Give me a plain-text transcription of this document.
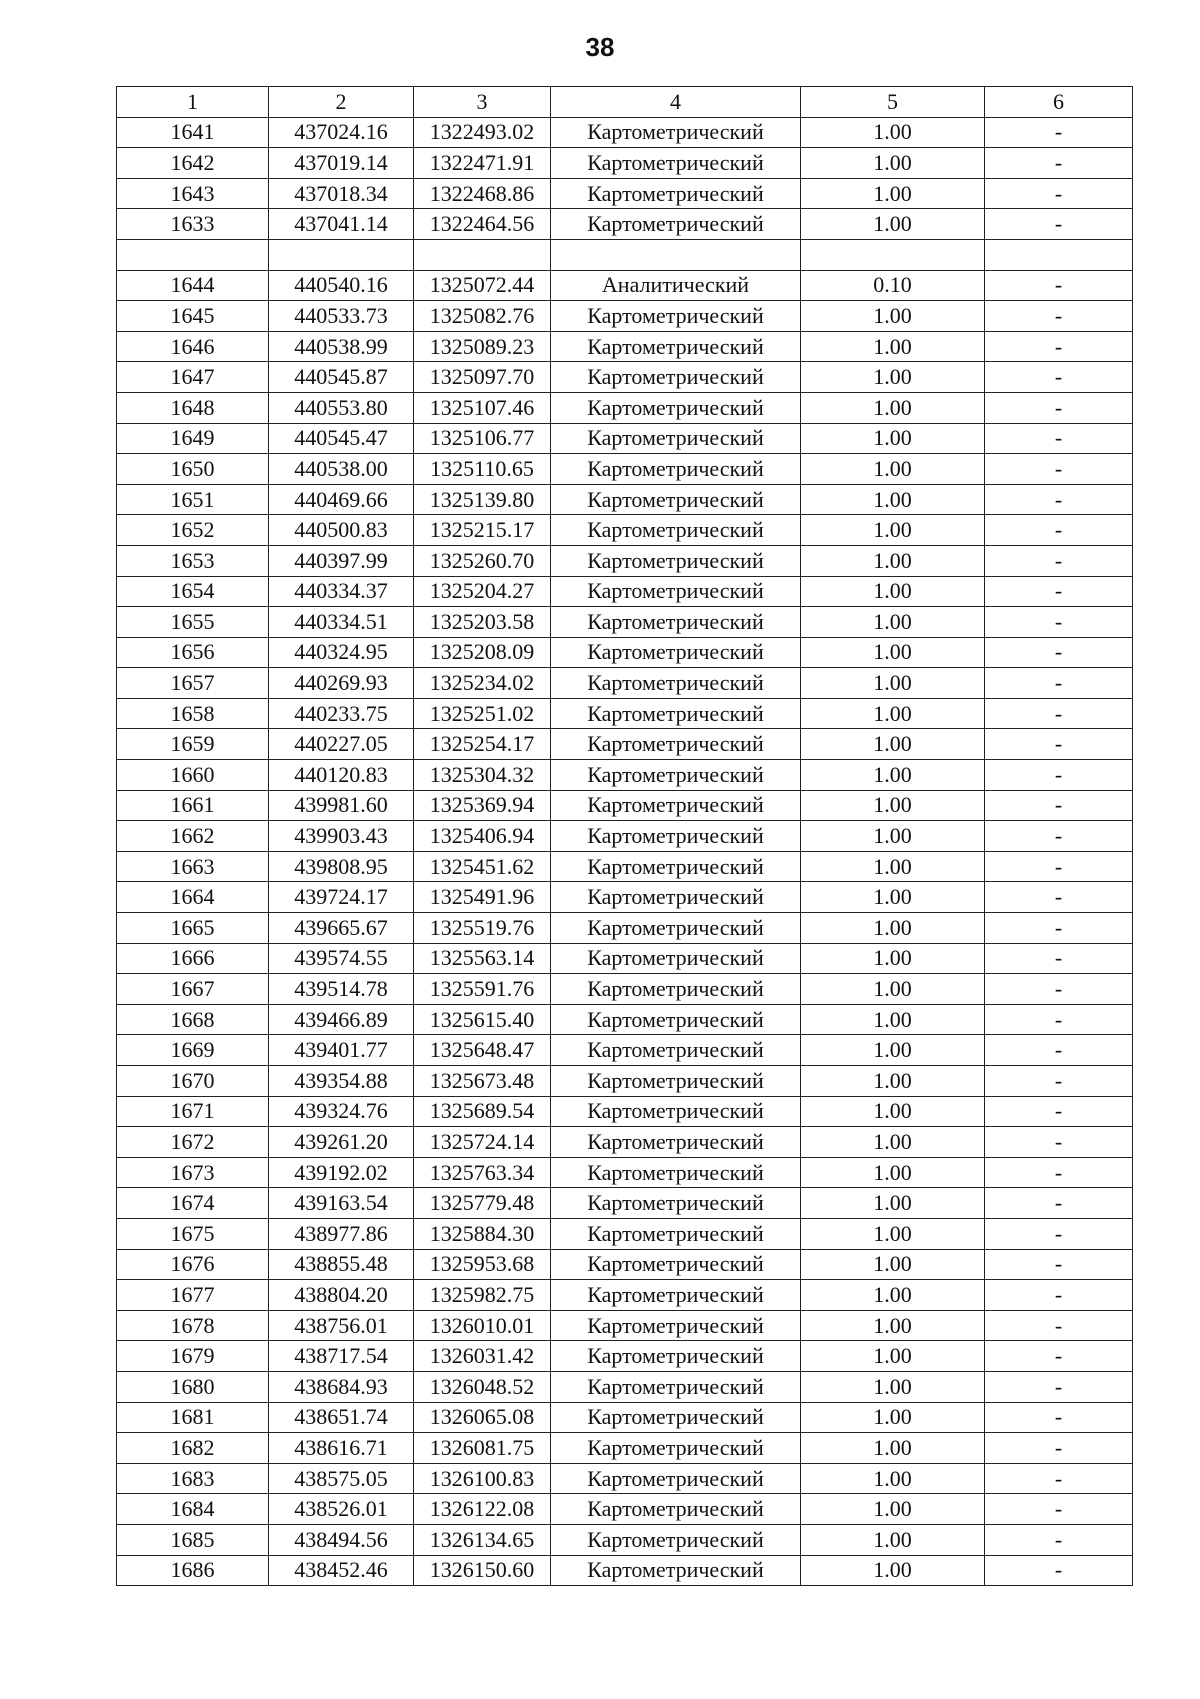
38
1	2	3	4	5	6
1641	437024.16	1322493.02	Картометрический	1.00	-
1642	437019.14	1322471.91	Картометрический	1.00	-
1643	437018.34	1322468.86	Картометрический	1.00	-
1633	437041.14	1322464.56	Картометрический	1.00	-

1644	440540.16	1325072.44	Аналитический	0.10	-
1645	440533.73	1325082.76	Картометрический	1.00	-
1646	440538.99	1325089.23	Картометрический	1.00	-
1647	440545.87	1325097.70	Картометрический	1.00	-
1648	440553.80	1325107.46	Картометрический	1.00	-
1649	440545.47	1325106.77	Картометрический	1.00	-
1650	440538.00	1325110.65	Картометрический	1.00	-
1651	440469.66	1325139.80	Картометрический	1.00	-
1652	440500.83	1325215.17	Картометрический	1.00	-
1653	440397.99	1325260.70	Картометрический	1.00	-
1654	440334.37	1325204.27	Картометрический	1.00	-
1655	440334.51	1325203.58	Картометрический	1.00	-
1656	440324.95	1325208.09	Картометрический	1.00	-
1657	440269.93	1325234.02	Картометрический	1.00	-
1658	440233.75	1325251.02	Картометрический	1.00	-
1659	440227.05	1325254.17	Картометрический	1.00	-
1660	440120.83	1325304.32	Картометрический	1.00	-
1661	439981.60	1325369.94	Картометрический	1.00	-
1662	439903.43	1325406.94	Картометрический	1.00	-
1663	439808.95	1325451.62	Картометрический	1.00	-
1664	439724.17	1325491.96	Картометрический	1.00	-
1665	439665.67	1325519.76	Картометрический	1.00	-
1666	439574.55	1325563.14	Картометрический	1.00	-
1667	439514.78	1325591.76	Картометрический	1.00	-
1668	439466.89	1325615.40	Картометрический	1.00	-
1669	439401.77	1325648.47	Картометрический	1.00	-
1670	439354.88	1325673.48	Картометрический	1.00	-
1671	439324.76	1325689.54	Картометрический	1.00	-
1672	439261.20	1325724.14	Картометрический	1.00	-
1673	439192.02	1325763.34	Картометрический	1.00	-
1674	439163.54	1325779.48	Картометрический	1.00	-
1675	438977.86	1325884.30	Картометрический	1.00	-
1676	438855.48	1325953.68	Картометрический	1.00	-
1677	438804.20	1325982.75	Картометрический	1.00	-
1678	438756.01	1326010.01	Картометрический	1.00	-
1679	438717.54	1326031.42	Картометрический	1.00	-
1680	438684.93	1326048.52	Картометрический	1.00	-
1681	438651.74	1326065.08	Картометрический	1.00	-
1682	438616.71	1326081.75	Картометрический	1.00	-
1683	438575.05	1326100.83	Картометрический	1.00	-
1684	438526.01	1326122.08	Картометрический	1.00	-
1685	438494.56	1326134.65	Картометрический	1.00	-
1686	438452.46	1326150.60	Картометрический	1.00	-
